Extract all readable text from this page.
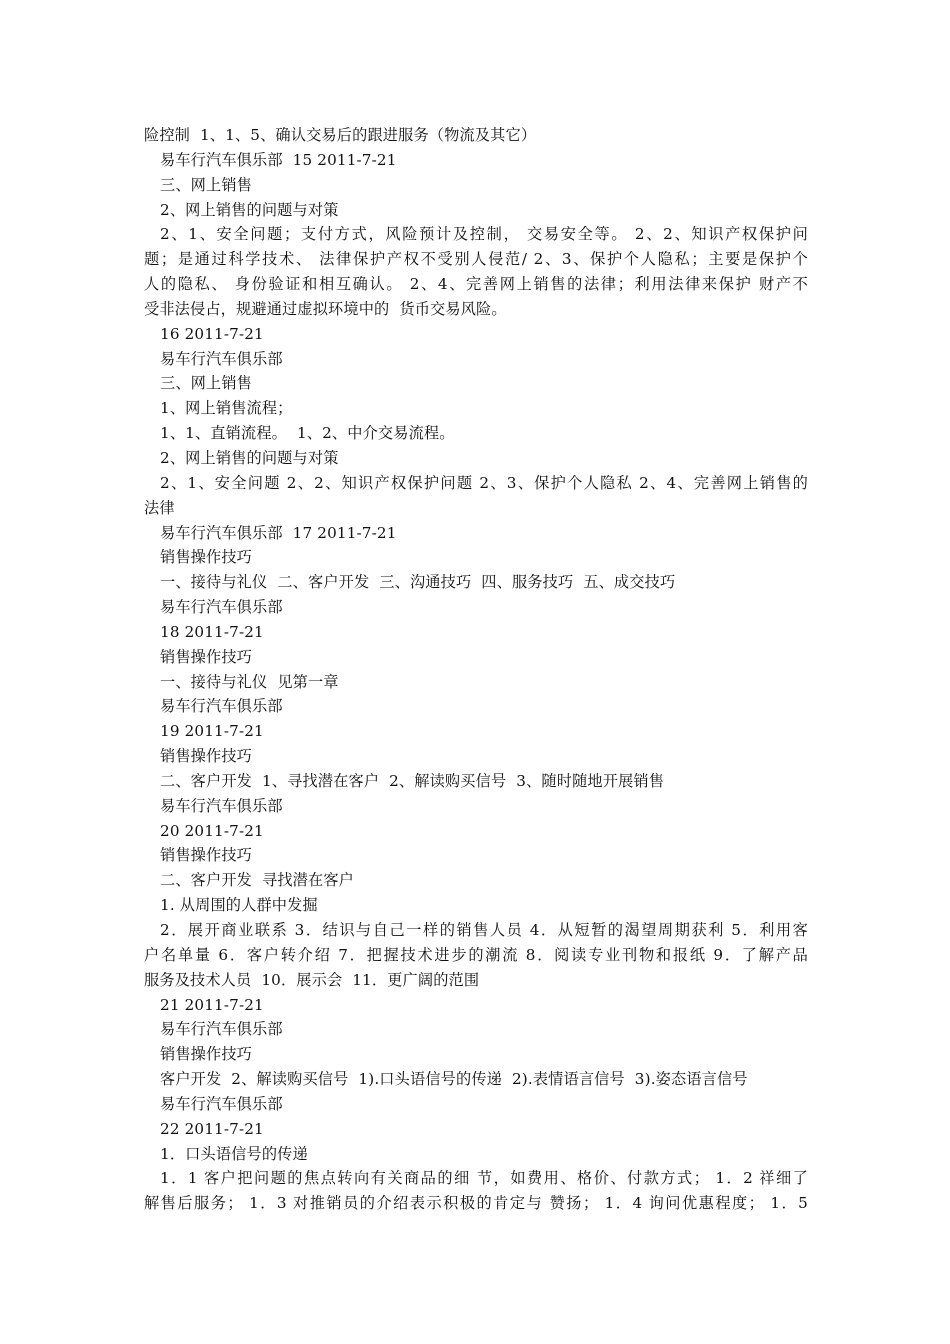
险控制  1、1、5、确认交易后的跟进服务（物流及其它）
易车行汽车俱乐部  15 2011-7-21
三、网上销售
2、网上销售的问题与对策
2、1、安全问题；支付方式，风险预计及控制， 交易安全等。 2、2、知识产权保护问
题；是通过科学技术、 法律保护产权不受别人侵范/ 2、3、保护个人隐私；主要是保护个
人的隐私、 身份验证和相互确认。 2、4、完善网上销售的法律；利用法律来保护 财产不
受非法侵占，规避通过虚拟环境中的  货币交易风险。
16 2011-7-21
易车行汽车俱乐部
三、网上销售
1、网上销售流程；
1、1、直销流程。  1、2、中介交易流程。
2、网上销售的问题与对策
2、1、安全问题 2、2、知识产权保护问题 2、3、保护个人隐私 2、4、完善网上销售的
法律
易车行汽车俱乐部  17 2011-7-21
销售操作技巧
一、接待与礼仪  二、客户开发  三、沟通技巧  四、服务技巧  五、成交技巧
易车行汽车俱乐部
18 2011-7-21
销售操作技巧
一、接待与礼仪  见第一章
易车行汽车俱乐部
19 2011-7-21
销售操作技巧
二、客户开发  1、寻找潜在客户  2、解读购买信号  3、随时随地开展销售
易车行汽车俱乐部
20 2011-7-21
销售操作技巧
二、客户开发  寻找潜在客户
1. 从周围的人群中发掘
2．展开商业联系 3．结识与自己一样的销售人员 4．从短暂的渴望周期获利 5．利用客
户名单量 6．客户转介绍 7．把握技术进步的潮流 8．阅读专业刊物和报纸 9．了解产品
服务及技术人员  10．展示会  11．更广阔的范围
21 2011-7-21
易车行汽车俱乐部
销售操作技巧
客户开发  2、解读购买信号  1).口头语信号的传递  2).表情语言信号  3).姿态语言信号
易车行汽车俱乐部
22 2011-7-21
1．口头语信号的传递
1．1 客户把问题的焦点转向有关商品的细 节，如费用、格价、付款方式； 1．2 祥细了
解售后服务； 1．3 对推销员的介绍表示积极的肯定与 赞扬； 1．4 询问优惠程度； 1．5
